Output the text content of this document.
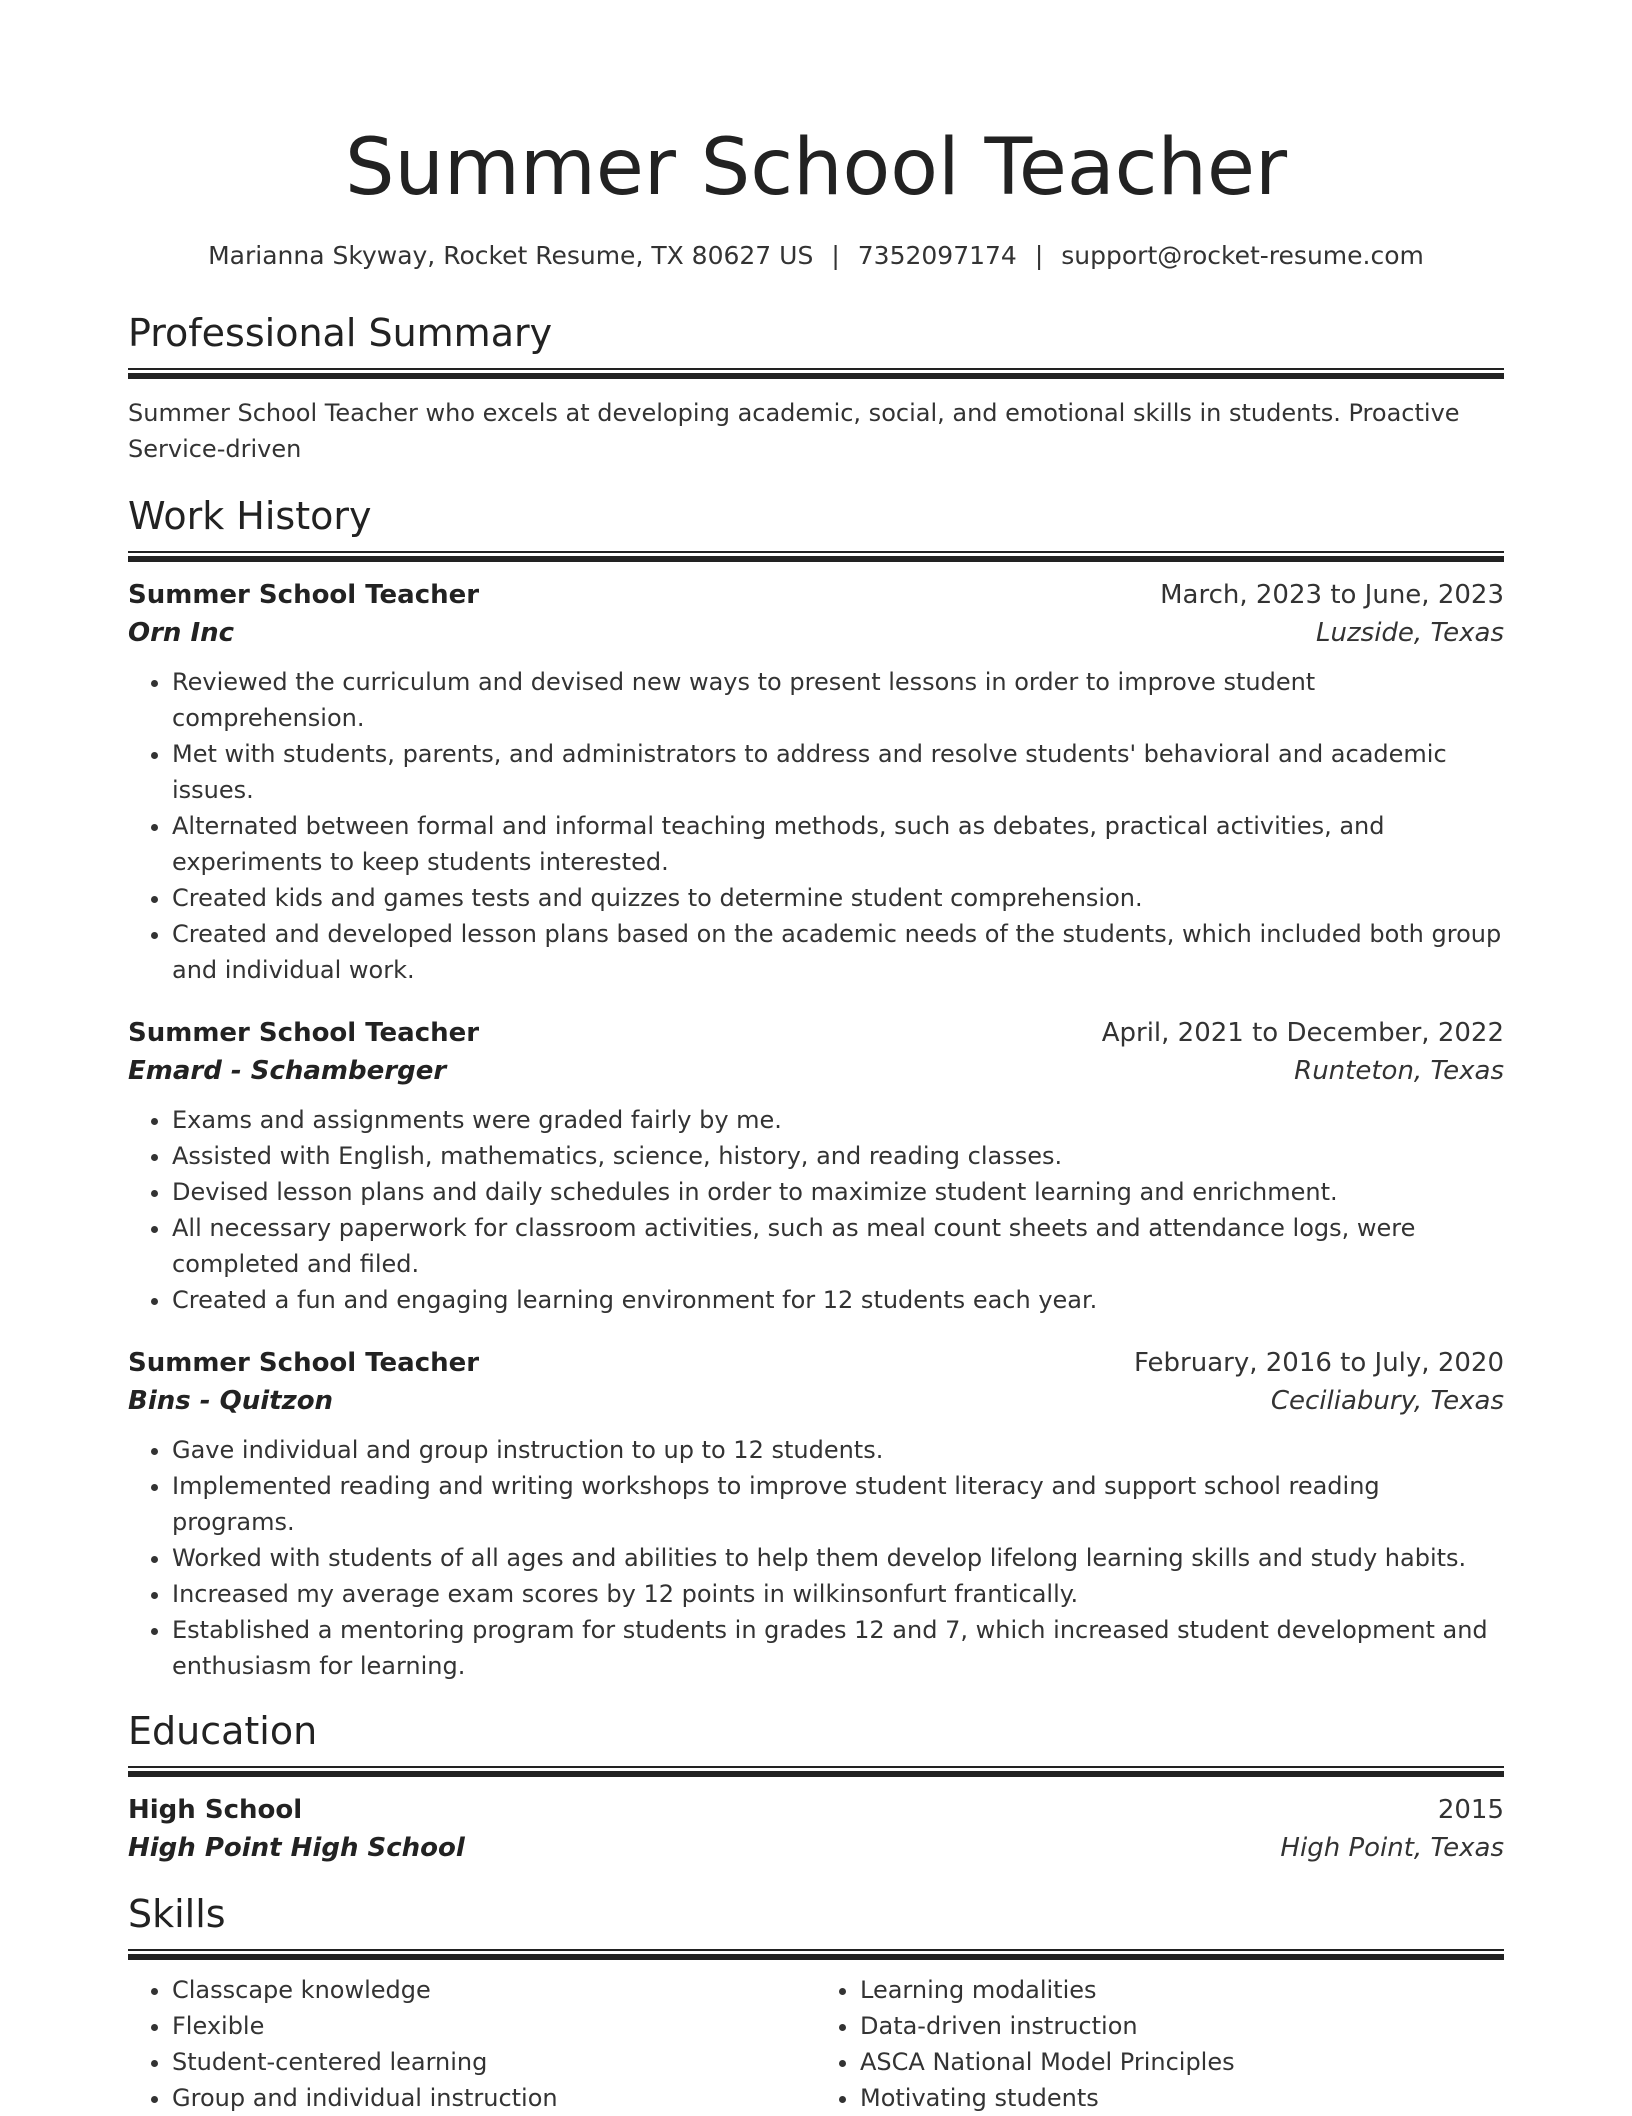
Summer School Teacher
Marianna Skyway, Rocket Resume, TX 80627 US | 7352097174 | support@rocket-resume.com
Professional Summary
Summer School Teacher who excels at developing academic, social, and emotional skills in students. Proactive Service-driven
Work History
Summer School Teacher	March, 2023 to June, 2023
Orn Inc	Luzside, Texas
• Reviewed the curriculum and devised new ways to present lessons in order to improve student comprehension.
• Met with students, parents, and administrators to address and resolve students' behavioral and academic issues.
• Alternated between formal and informal teaching methods, such as debates, practical activities, and experiments to keep students interested.
• Created kids and games tests and quizzes to determine student comprehension.
• Created and developed lesson plans based on the academic needs of the students, which included both group and individual work.
Summer School Teacher	April, 2021 to December, 2022
Emard - Schamberger	Runteton, Texas
• Exams and assignments were graded fairly by me.
• Assisted with English, mathematics, science, history, and reading classes.
• Devised lesson plans and daily schedules in order to maximize student learning and enrichment.
• All necessary paperwork for classroom activities, such as meal count sheets and attendance logs, were completed and filed.
• Created a fun and engaging learning environment for 12 students each year.
Summer School Teacher	February, 2016 to July, 2020
Bins - Quitzon	Ceciliabury, Texas
• Gave individual and group instruction to up to 12 students.
• Implemented reading and writing workshops to improve student literacy and support school reading programs.
• Worked with students of all ages and abilities to help them develop lifelong learning skills and study habits.
• Increased my average exam scores by 12 points in wilkinsonfurt frantically.
• Established a mentoring program for students in grades 12 and 7, which increased student development and enthusiasm for learning.
Education
High School	2015
High Point High School	High Point, Texas
Skills
• Classcape knowledge
• Flexible
• Student-centered learning
• Group and individual instruction
• Learning modalities
• Data-driven instruction
• ASCA National Model Principles
• Motivating students
